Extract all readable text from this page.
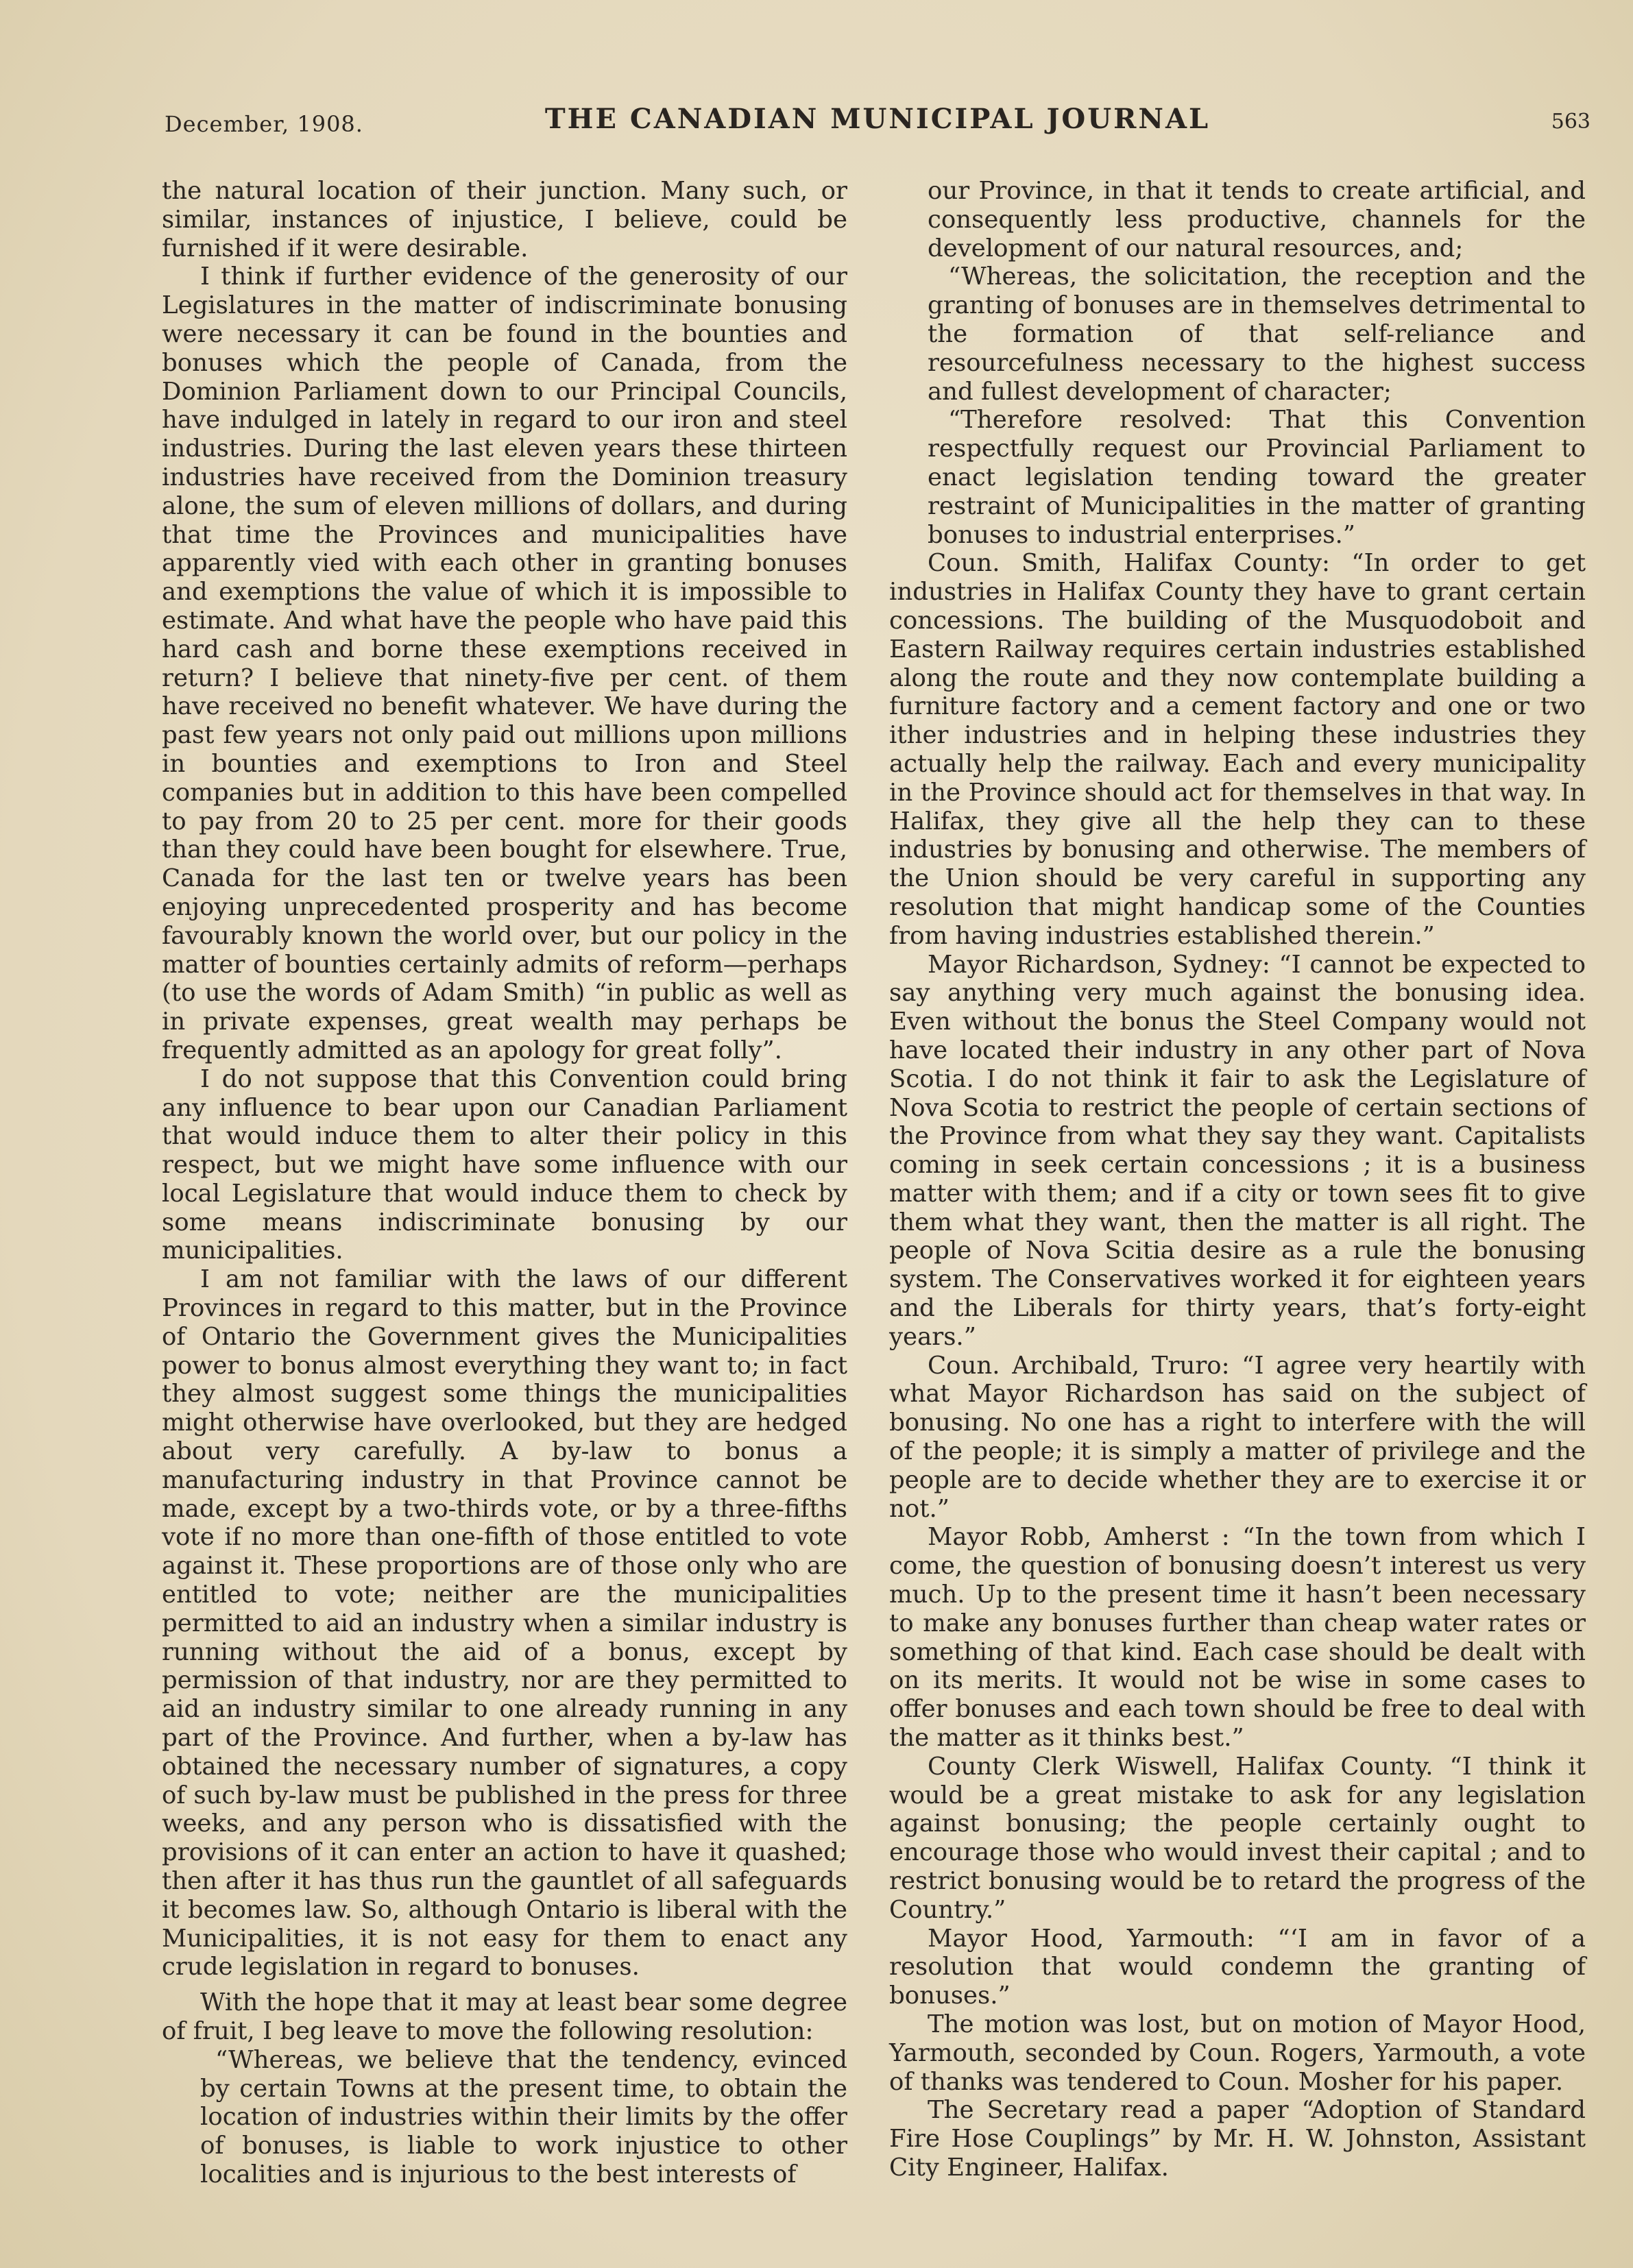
December, 1908.	THE CANADIAN MUNICIPAL JOURNAL	563

the natural location of their junction. Many such, or similar, instances of injustice, I believe, could be furnished if it were desirable.

I think if further evidence of the generosity of our Legislatures in the matter of indiscriminate bonusing were necessary it can be found in the bounties and bonuses which the people of Canada, from the Dominion Parliament down to our Principal Councils, have indulged in lately in regard to our iron and steel industries. During the last eleven years these thirteen industries have received from the Dominion treasury alone, the sum of eleven millions of dollars, and during that time the Provinces and municipalities have apparently vied with each other in granting bonuses and exemptions the value of which it is impossible to estimate. And what have the people who have paid this hard cash and borne these exemptions received in return? I believe that ninety-five per cent. of them have received no benefit whatever. We have during the past few years not only paid out millions upon millions in bounties and exemptions to Iron and Steel companies but in addition to this have been compelled to pay from 20 to 25 per cent. more for their goods than they could have been bought for elsewhere. True, Canada for the last ten or twelve years has been enjoying unprecedented prosperity and has become favourably known the world over, but our policy in the matter of bounties certainly admits of reform—perhaps (to use the words of Adam Smith) “in public as well as in private expenses, great wealth may perhaps be frequently admitted as an apology for great folly”.

I do not suppose that this Convention could bring any influence to bear upon our Canadian Parliament that would induce them to alter their policy in this respect, but we might have some influence with our local Legislature that would induce them to check by some means indiscriminate bonusing by our municipalities.

I am not familiar with the laws of our different Provinces in regard to this matter, but in the Province of Ontario the Government gives the Municipalities power to bonus almost everything they want to; in fact they almost suggest some things the municipalities might otherwise have overlooked, but they are hedged about very carefully. A by-law to bonus a manufacturing industry in that Province cannot be made, except by a two-thirds vote, or by a three-fifths vote if no more than one-fifth of those entitled to vote against it. These proportions are of those only who are entitled to vote; neither are the municipalities permitted to aid an industry when a similar industry is running without the aid of a bonus, except by permission of that industry, nor are they permitted to aid an industry similar to one already running in any part of the Province. And further, when a by-law has obtained the necessary number of signatures, a copy of such by-law must be published in the press for three weeks, and any person who is dissatisfied with the provisions of it can enter an action to have it quashed; then after it has thus run the gauntlet of all safeguards it becomes law. So, although Ontario is liberal with the Municipalities, it is not easy for them to enact any crude legislation in regard to bonuses.

With the hope that it may at least bear some degree of fruit, I beg leave to move the following resolution:

“Whereas, we believe that the tendency, evinced by certain Towns at the present time, to obtain the location of industries within their limits by the offer of bonuses, is liable to work injustice to other localities and is injurious to the best interests of

our Province, in that it tends to create artificial, and consequently less productive, channels for the development of our natural resources, and;

“Whereas, the solicitation, the reception and the granting of bonuses are in themselves detrimental to the formation of that self-reliance and resourcefulness necessary to the highest success and fullest development of character;

“Therefore resolved: That this Convention respectfully request our Provincial Parliament to enact legislation tending toward the greater restraint of Municipalities in the matter of granting bonuses to industrial enterprises.”

Coun. Smith, Halifax County: “In order to get industries in Halifax County they have to grant certain concessions. The building of the Musquodoboit and Eastern Railway requires certain industries established along the route and they now contemplate building a furniture factory and a cement factory and one or two ither industries and in helping these industries they actually help the railway. Each and every municipality in the Province should act for themselves in that way. In Halifax, they give all the help they can to these industries by bonusing and otherwise. The members of the Union should be very careful in supporting any resolution that might handicap some of the Counties from having industries established therein.”

Mayor Richardson, Sydney: “I cannot be expected to say anything very much against the bonusing idea. Even without the bonus the Steel Company would not have located their industry in any other part of Nova Scotia. I do not think it fair to ask the Legislature of Nova Scotia to restrict the people of certain sections of the Province from what they say they want. Capitalists coming in seek certain concessions ; it is a business matter with them; and if a city or town sees fit to give them what they want, then the matter is all right. The people of Nova Scitia desire as a rule the bonusing system. The Conservatives worked it for eighteen years and the Liberals for thirty years, that’s forty-eight years.”

Coun. Archibald, Truro: “I agree very heartily with what Mayor Richardson has said on the subject of bonusing. No one has a right to interfere with the will of the people; it is simply a matter of privilege and the people are to decide whether they are to exercise it or not.”

Mayor Robb, Amherst : “In the town from which I come, the question of bonusing doesn’t interest us very much. Up to the present time it hasn’t been necessary to make any bonuses further than cheap water rates or something of that kind. Each case should be dealt with on its merits. It would not be wise in some cases to offer bonuses and each town should be free to deal with the matter as it thinks best.”

County Clerk Wiswell, Halifax County. “I think it would be a great mistake to ask for any legislation against bonusing; the people certainly ought to encourage those who would invest their capital ; and to restrict bonusing would be to retard the progress of the Country.”

Mayor Hood, Yarmouth: “‘I am in favor of a resolution that would condemn the granting of bonuses.”

The motion was lost, but on motion of Mayor Hood, Yarmouth, seconded by Coun. Rogers, Yarmouth, a vote of thanks was tendered to Coun. Mosher for his paper.

The Secretary read a paper “Adoption of Standard Fire Hose Couplings” by Mr. H. W. Johnston, Assistant City Engineer, Halifax.
